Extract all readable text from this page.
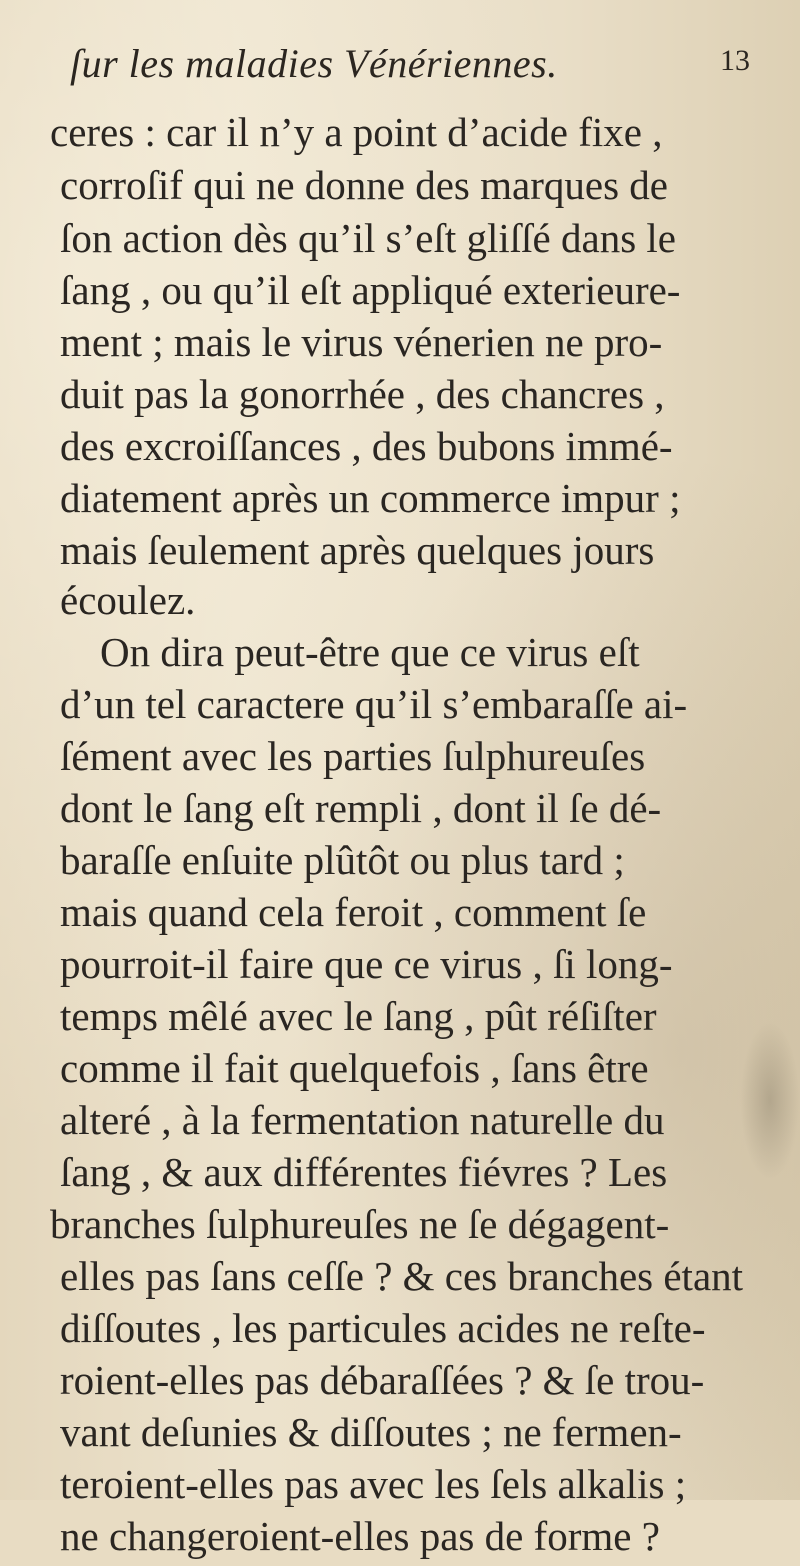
ſur les maladies Vénériennes.	13
ceres : car il n’y a point d’acide fixe ,
corroſif qui ne donne des marques de
ſon action dès qu’il s’eſt gliſſé dans le
ſang , ou qu’il eſt appliqué exterieure-
ment ; mais le virus vénerien ne pro-
duit pas la gonorrhée , des chancres ,
des excroiſſances , des bubons immé-
diatement après un commerce impur ;
mais ſeulement après quelques jours
écoulez.
On dira peut-être que ce virus eſt
d’un tel caractere qu’il s’embaraſſe ai-
ſément avec les parties ſulphureuſes
dont le ſang eſt rempli , dont il ſe dé-
baraſſe enſuite plûtôt ou plus tard ;
mais quand cela feroit , comment ſe
pourroit-il faire que ce virus , ſi long-
temps mêlé avec le ſang , pût réſiſter
comme il fait quelquefois , ſans être
alteré , à la fermentation naturelle du
ſang , & aux différentes fiévres ? Les
branches ſulphureuſes ne ſe dégagent-
elles pas ſans ceſſe ? & ces branches étant
diſſoutes , les particules acides ne reſte-
roient-elles pas débaraſſées ? & ſe trou-
vant deſunies & diſſoutes ; ne fermen-
teroient-elles pas avec les ſels alkalis ;
ne changeroient-elles pas de forme ?
